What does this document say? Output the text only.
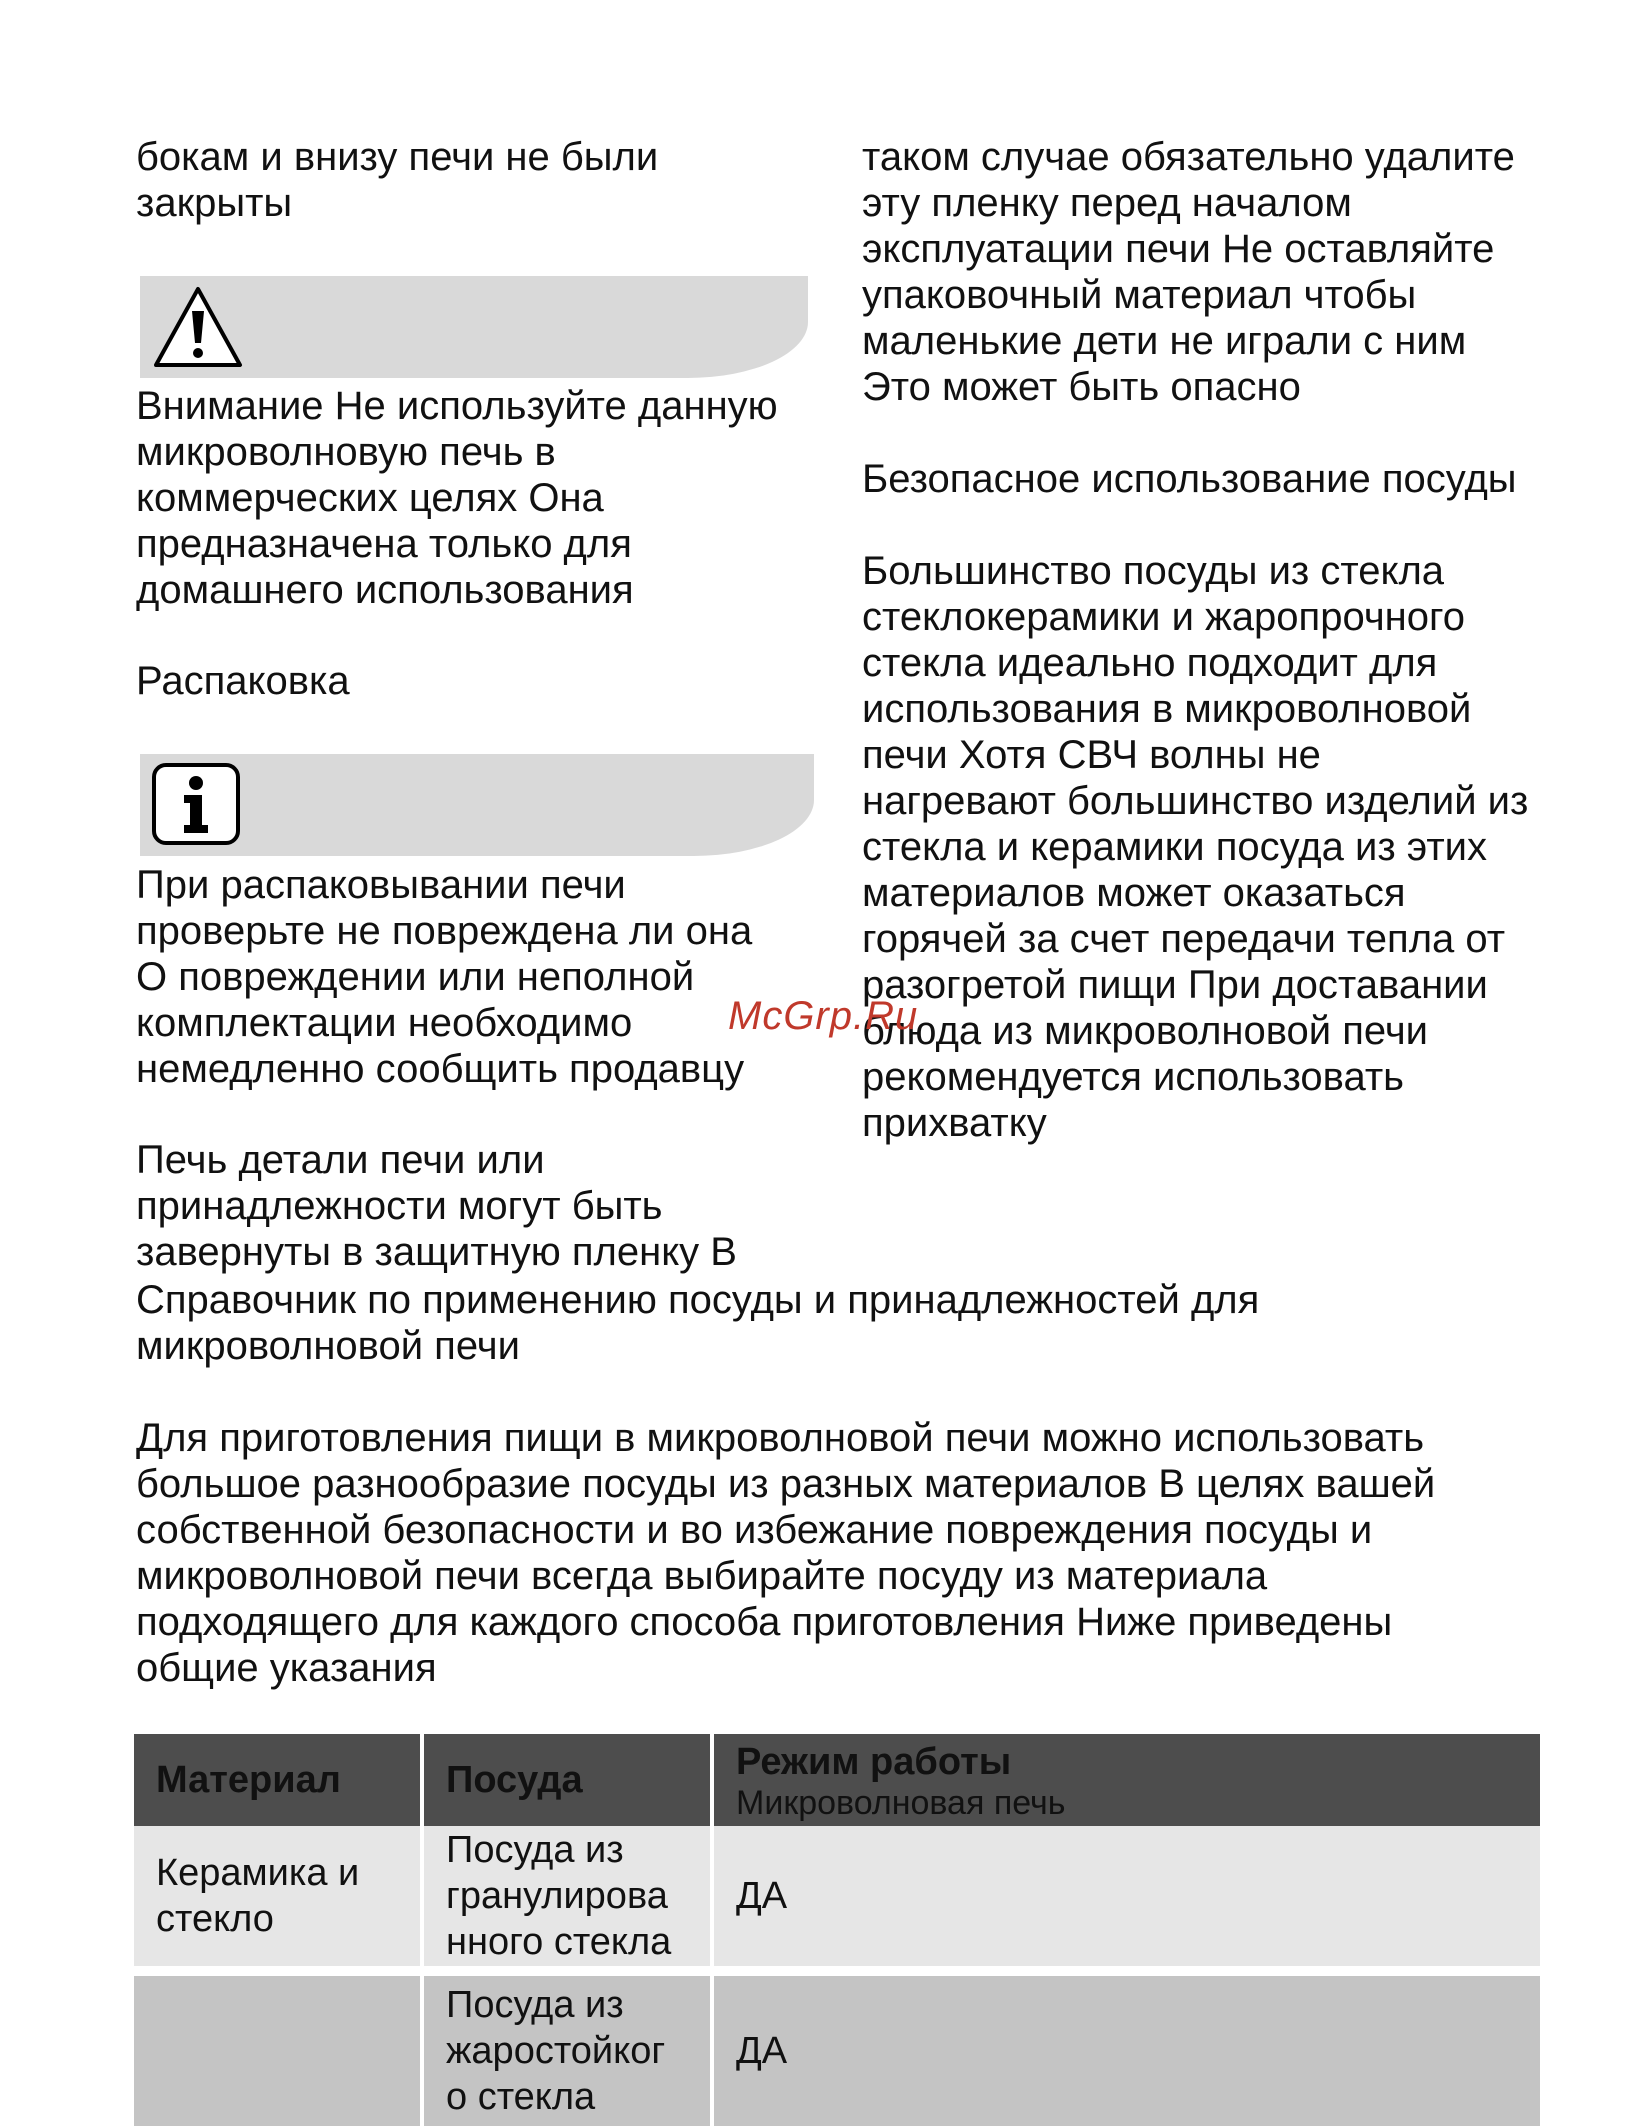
бокам и внизу печи не были
закрыты

Внимание Не используйте данную
микроволновую печь в
коммерческих целях Она
предназначена только для
домашнего использования

Распаковка

При распаковывании печи
проверьте не повреждена ли она
О повреждении или неполной
комплектации необходимо
немедленно сообщить продавцу

Печь детали печи или
принадлежности могут быть
завернуты в защитную пленку В

таком случае обязательно удалите
эту пленку перед началом
эксплуатации печи Не оставляйте
упаковочный материал чтобы
маленькие дети не играли с ним
Это может быть опасно

Безопасное использование посуды

Большинство посуды из стекла
стеклокерамики и жаропрочного
стекла идеально подходит для
использования в микроволновой
печи Хотя СВЧ волны не
нагревают большинство изделий из
стекла и керамики посуда из этих
материалов может оказаться
горячей за счет передачи тепла от
разогретой пищи При доставании
блюда из микроволновой печи
рекомендуется использовать
прихватку

McGrp.Ru

Справочник по применению посуды и принадлежностей для
микроволновой печи

Для приготовления пищи в микроволновой печи можно использовать
большое разнообразие посуды из разных материалов В целях вашей
собственной безопасности и во избежание повреждения посуды и
микроволновой печи всегда выбирайте посуду из материала
подходящего для каждого способа приготовления Ниже приведены
общие указания

Материал	Посуда	Режим работы
Микроволновая печь

Керамика и
стекло	Посуда из
гранулирова
нного стекла	ДА
	Посуда из
жаростойког
о стекла	ДА
